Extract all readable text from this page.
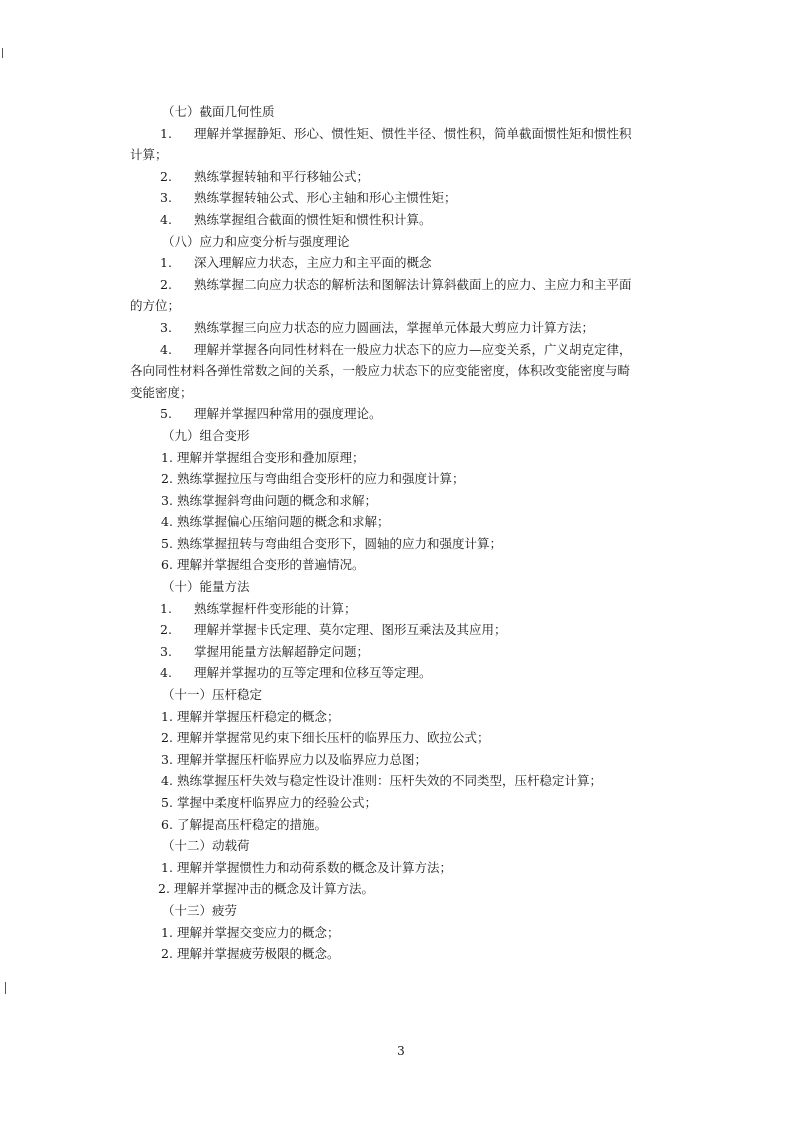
（七）截面几何性质
1. 理解并掌握静矩、形心、惯性矩、惯性半径、惯性积，简单截面惯性矩和惯性积
计算；
2. 熟练掌握转轴和平行移轴公式；
3. 熟练掌握转轴公式、形心主轴和形心主惯性矩；
4. 熟练掌握组合截面的惯性矩和惯性积计算。
（八）应力和应变分析与强度理论
1. 深入理解应力状态，主应力和主平面的概念
2. 熟练掌握二向应力状态的解析法和图解法计算斜截面上的应力、主应力和主平面
的方位；
3. 熟练掌握三向应力状态的应力圆画法，掌握单元体最大剪应力计算方法；
4. 理解并掌握各向同性材料在一般应力状态下的应力—应变关系，广义胡克定律，
各向同性材料各弹性常数之间的关系，一般应力状态下的应变能密度，体积改变能密度与畸
变能密度；
5. 理解并掌握四种常用的强度理论。
（九）组合变形
1. 理解并掌握组合变形和叠加原理；
2. 熟练掌握拉压与弯曲组合变形杆的应力和强度计算；
3. 熟练掌握斜弯曲问题的概念和求解；
4. 熟练掌握偏心压缩问题的概念和求解；
5. 熟练掌握扭转与弯曲组合变形下，圆轴的应力和强度计算；
6. 理解并掌握组合变形的普遍情况。
（十）能量方法
1. 熟练掌握杆件变形能的计算；
2. 理解并掌握卡氏定理、莫尔定理、图形互乘法及其应用；
3. 掌握用能量方法解超静定问题；
4. 理解并掌握功的互等定理和位移互等定理。
（十一）压杆稳定
1. 理解并掌握压杆稳定的概念；
2. 理解并掌握常见约束下细长压杆的临界压力、欧拉公式；
3. 理解并掌握压杆临界应力以及临界应力总图；
4. 熟练掌握压杆失效与稳定性设计准则：压杆失效的不同类型，压杆稳定计算；
5. 掌握中柔度杆临界应力的经验公式；
6. 了解提高压杆稳定的措施。
（十二）动载荷
1. 理解并掌握惯性力和动荷系数的概念及计算方法；
2. 理解并掌握冲击的概念及计算方法。
（十三）疲劳
1. 理解并掌握交变应力的概念；
2. 理解并掌握疲劳极限的概念。
3
